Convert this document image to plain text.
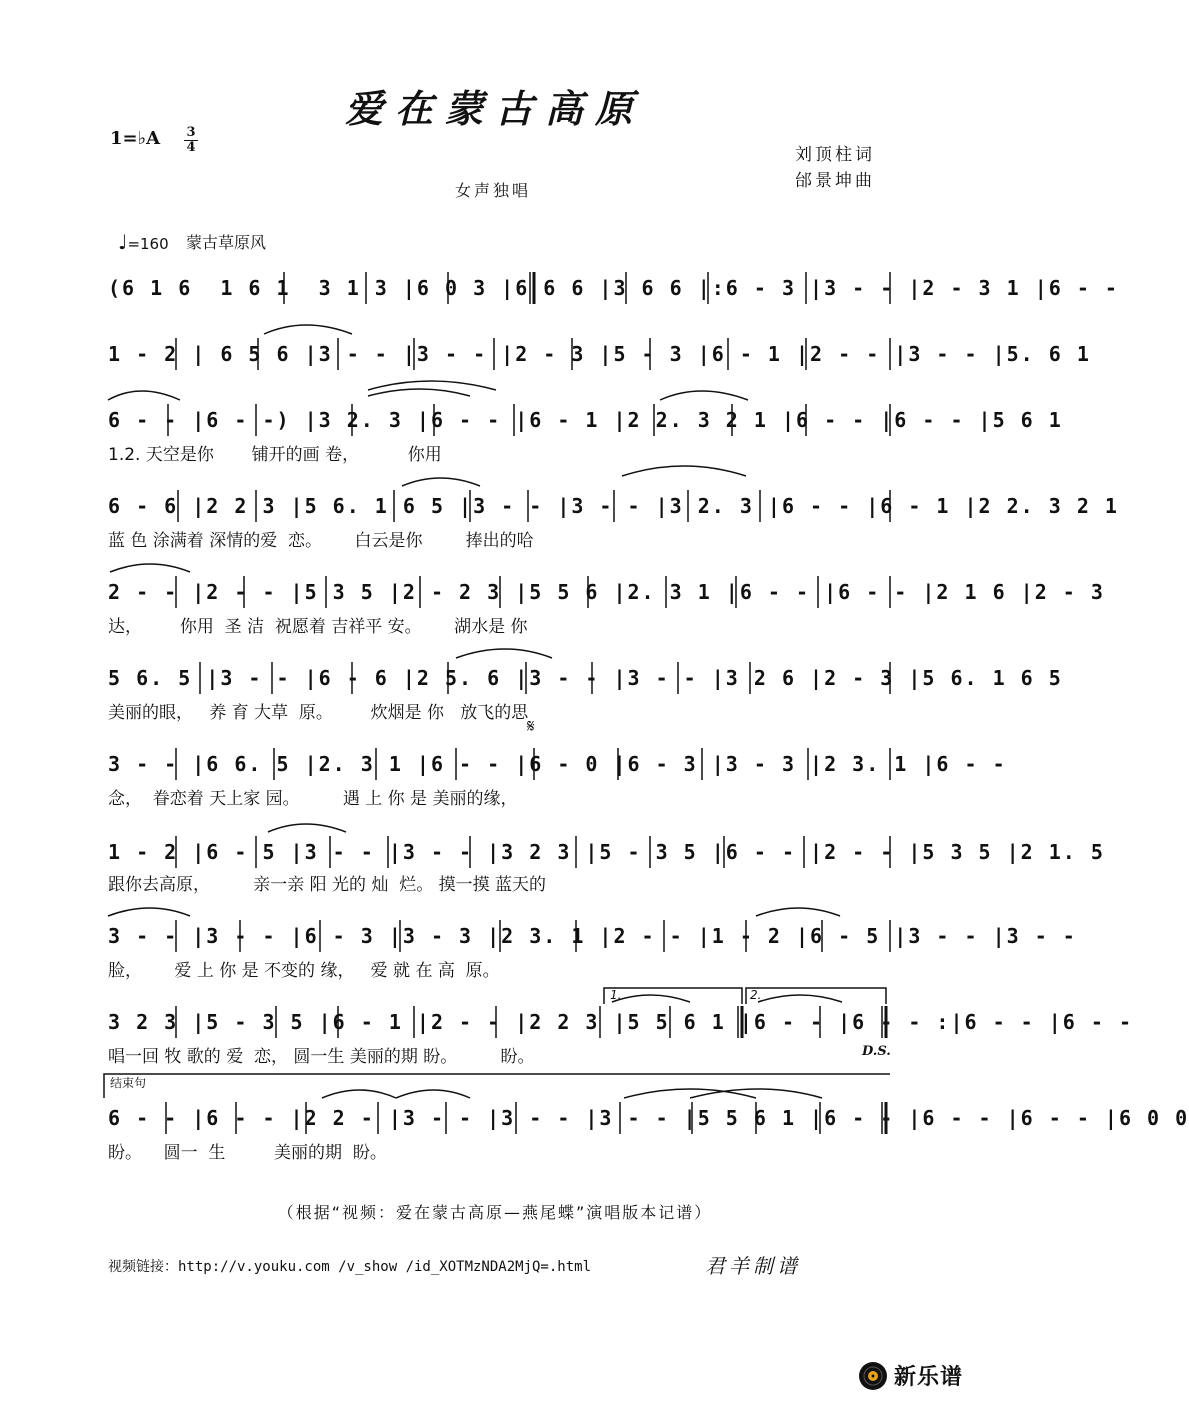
爱在蒙古高原
1=♭A 3
4	刘顶柱词
邰景坤曲
女声独唱
♩=160 蒙古草原风
(6 1 6  1 6 1  3 1 3 |6 0 3 |6 6 6 |3 6 6 |:6 - 3 |3 - - |2 - 3 1 |6 - -
1 - 2 | 6 5 6 |3 - - |3 - - |2 - 3 |5 - 3 |6 - 1 |2 - - |3 - - |5. 6 1
6 - - |6 - -) |3 2. 3 |6 - - |6 - 1 |2 2. 3 2 1 |6 - - |6 - - |5 6 1
1.2. 天空是你       铺开的画 卷，         你用
6 - 6 |2 2 3 |5 6. 1 6 5 |3 - - |3 - - |3 2. 3 |6 - - |6 - 1 |2 2. 3 2 1
蓝 色 涂满着 深情的爱  恋。      白云是你        捧出的哈
2 - - |2 - - |5 3 5 |2 - 2 3 |5 5 6 |2. 3 1 |6 - - |6 - - |2 1 6 |2 - 3
达，       你用  圣 洁  祝愿着 吉祥平 安。      湖水是 你
5 6. 5 |3 - - |6 - 6 |2 5. 6 |3 - - |3 - - |3 2 6 |2 - 3 |5 6. 1 6 5
美丽的眼，   养 育 大草  原。       炊烟是 你   放飞的思
𝄋
3 - - |6 6. 5 |2. 3 1 |6 - - |6 - 0 |6 - 3 |3 - 3 |2 3. 1 |6 - -
念，  眷恋着 天上家 园。        遇 上 你 是 美丽的缘，
1 - 2 |6 - 5 |3 - - |3 - - |3 2 3 |5 - 3 5 |6 - - |2 - - |5 3 5 |2 1. 5
跟你去高原，        亲一亲 阳 光的 灿  烂。 摸一摸 蓝天的
3 - - |3 - - |6 - 3 |3 - 3 |2 3. 1 |2 - - |1 - 2 |6 - 5 |3 - - |3 - -
脸，      爱 上 你 是 不变的 缘，   爱 就 在 高  原。
1.	2.
3 2 3 |5 - 3 5 |6 - 1 |2 - - |2 2 3 |5 5 6 1 |6 - - |6 - - :|6 - - |6 - -
唱一回 牧 歌的 爱  恋， 圆一生 美丽的期 盼。        盼。	D.S.
结束句
6 - - |6 - - |2 2 - |3 - - |3 - - |3 - - |5 5 6 1 |6 - - |6 - - |6 - - |6 0 0
盼。    圆一  生         美丽的期  盼。
（根据“视频：爱在蒙古高原—燕尾蝶”演唱版本记谱）
视频链接：http://v.youku.com /v_show /id_XOTMzNDA2MjQ=.html	君羊制谱
新乐谱
